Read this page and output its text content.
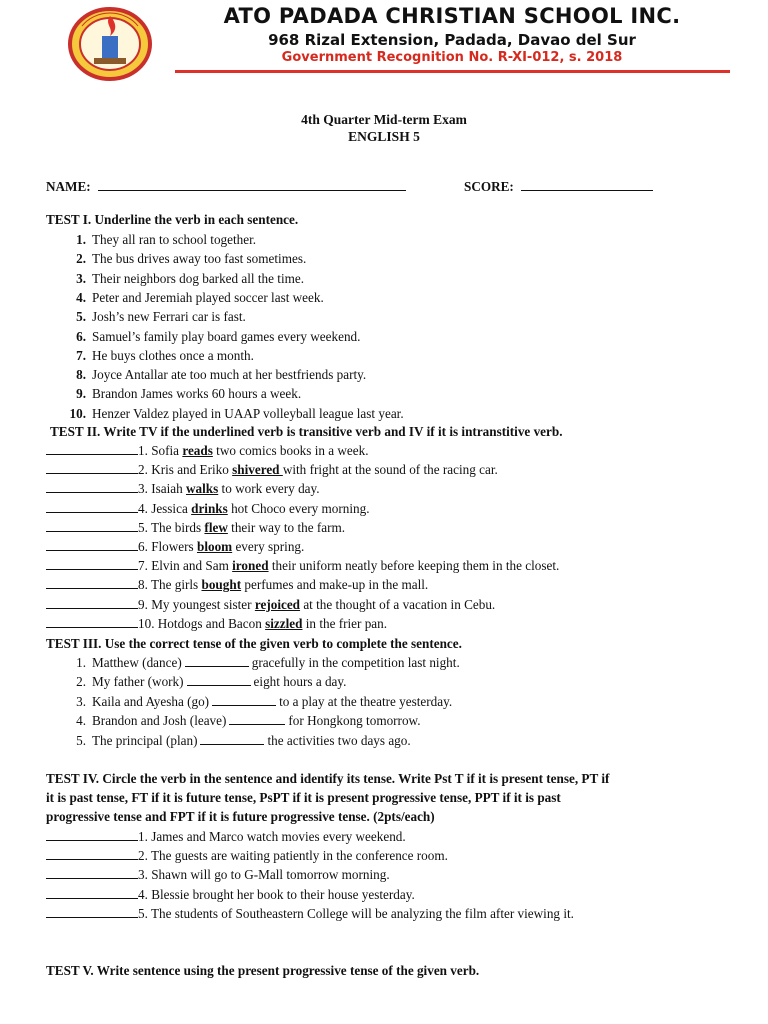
ATO PADADA CHRISTIAN SCHOOL INC.
968 Rizal Extension, Padada, Davao del Sur
Government Recognition No. R-XI-012, s. 2018
4th Quarter Mid-term Exam
ENGLISH 5
NAME:	SCORE:
TEST I. Underline the verb in each sentence.
1. They all ran to school together.
2. The bus drives away too fast sometimes.
3. Their neighbors dog barked all the time.
4. Peter and Jeremiah played soccer last week.
5. Josh’s new Ferrari car is fast.
6. Samuel’s family play board games every weekend.
7. He buys clothes once a month.
8. Joyce Antallar ate too much at her bestfriends party.
9. Brandon James works 60 hours a week.
10. Henzer Valdez played in UAAP volleyball league last year.
TEST II. Write TV if the underlined verb is transitive verb and IV if it is intranstitive verb.
1. Sofia reads two comics books in a week.
2. Kris and Eriko shivered with fright at the sound of the racing car.
3. Isaiah walks to work every day.
4. Jessica drinks hot Choco every morning.
5. The birds flew their way to the farm.
6. Flowers bloom every spring.
7. Elvin and Sam ironed their uniform neatly before keeping them in the closet.
8. The girls bought perfumes and make-up in the mall.
9. My youngest sister rejoiced at the thought of a vacation in Cebu.
10. Hotdogs and Bacon sizzled in the frier pan.
TEST III. Use the correct tense of the given verb to complete the sentence.
1. Matthew (dance)	gracefully in the competition last night.
2. My father (work)	eight hours a day.
3. Kaila and Ayesha (go)	to a play at the theatre yesterday.
4. Brandon and Josh (leave)	for Hongkong tomorrow.
5. The principal (plan)	the activities two days ago.
TEST IV. Circle the verb in the sentence and identify its tense. Write Pst T if it is present tense, PT if
it is past tense, FT if it is future tense, PsPT if it is present progressive tense, PPT if it is past
progressive tense and FPT if it is future progressive tense. (2pts/each)
1. James and Marco watch movies every weekend.
2. The guests are waiting patiently in the conference room.
3. Shawn will go to G-Mall tomorrow morning.
4. Blessie brought her book to their house yesterday.
5. The students of Southeastern College will be analyzing the film after viewing it.
TEST V. Write sentence using the present progressive tense of the given verb.
